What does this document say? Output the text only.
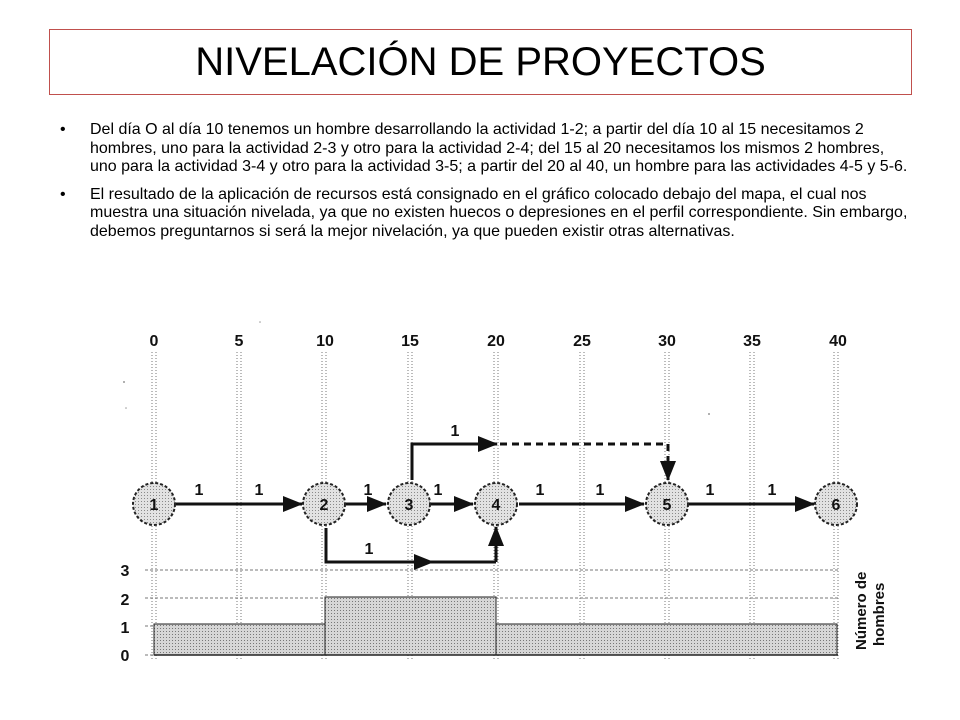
NIVELACIÓN DE PROYECTOS
• Del día O al día 10 tenemos un hombre desarrollando la actividad 1-2; a partir del día 10 al 15 necesitamos 2 hombres, uno para la actividad 2-3 y otro para la actividad 2-4; del 15 al 20 necesitamos los mismos 2 hombres, uno para la actividad 3-4 y otro para la actividad 3-5; a partir del 20 al 40, un hombre para las actividades 4-5 y 5-6.
• El resultado de la aplicación de recursos está consignado en el gráfico colocado debajo del mapa, el cual nos muestra una situación nivelada, ya que no existen huecos o depresiones en el perfil correspondiente. Sin embargo, debemos preguntarnos si será la mejor nivelación, ya que pueden existir otras alternativas.
0	5	10	15	20	25	30	35	40
1	1	1	1	1	1	1	1
1
1
1	2	3	4	5	6
0
1
2
3
Número de hombres
